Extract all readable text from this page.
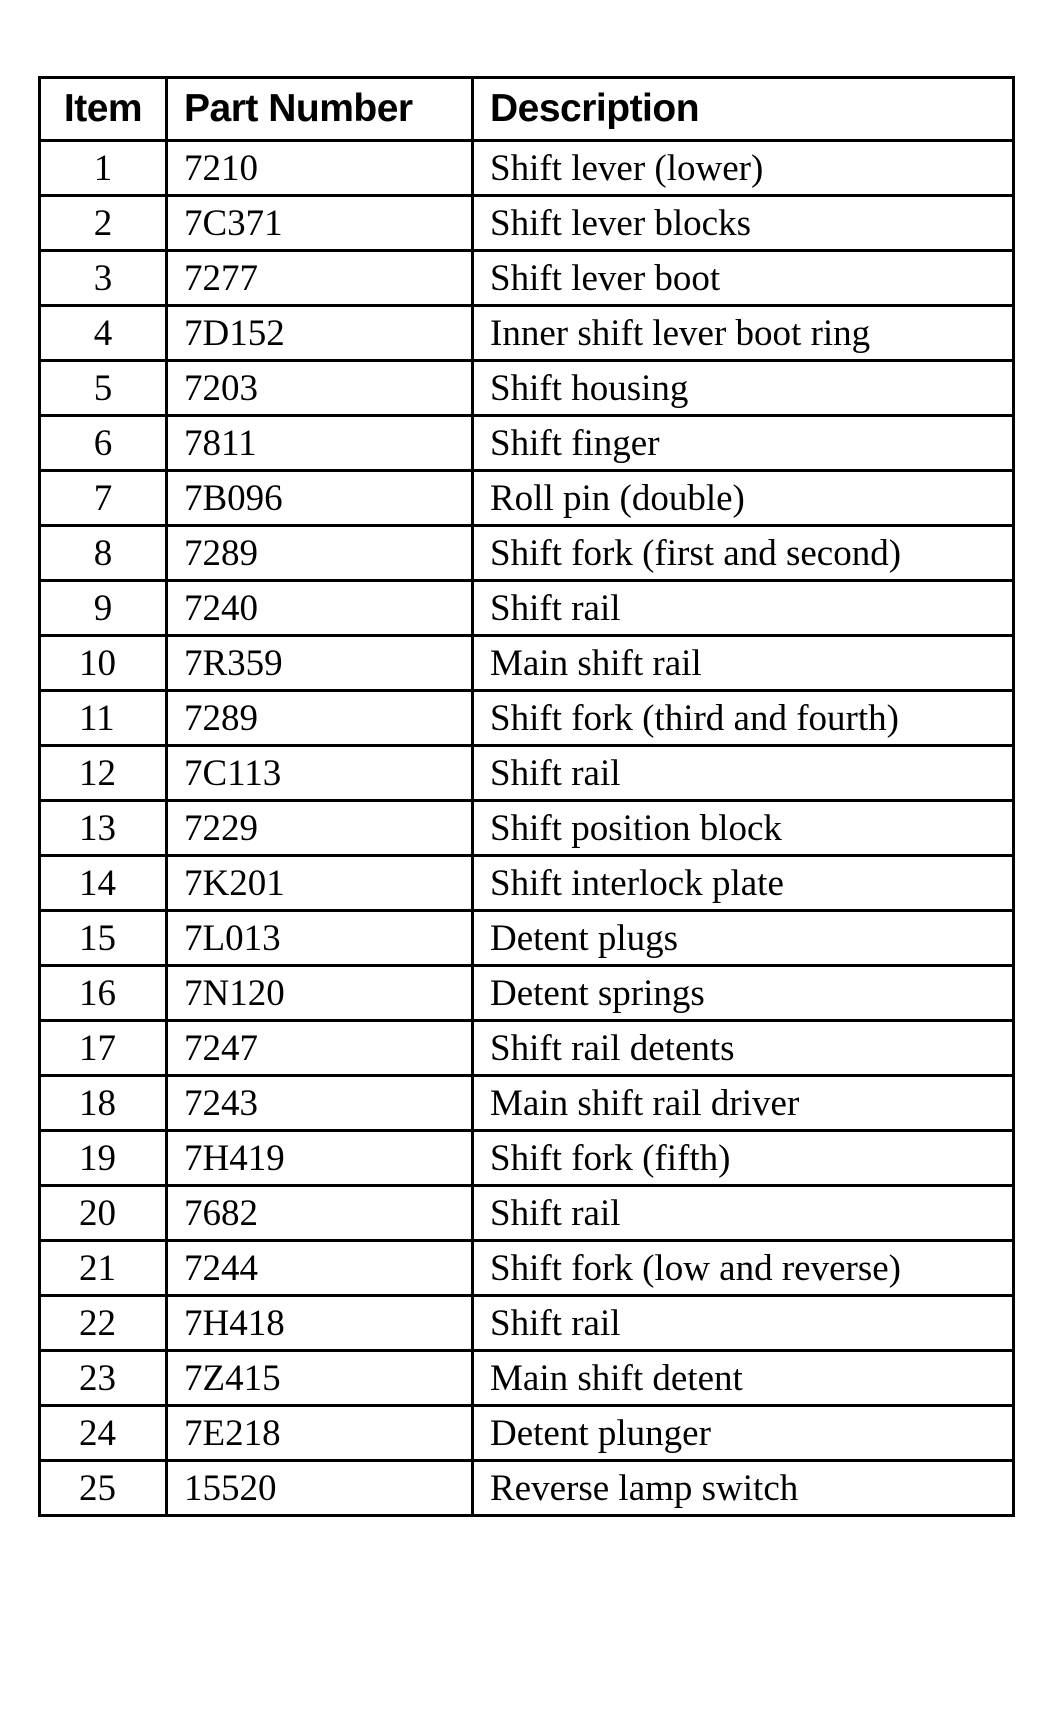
Item	Part Number	Description
1	7210	Shift lever (lower)
2	7C371	Shift lever blocks
3	7277	Shift lever boot
4	7D152	Inner shift lever boot ring
5	7203	Shift housing
6	7811	Shift finger
7	7B096	Roll pin (double)
8	7289	Shift fork (first and second)
9	7240	Shift rail
10	7R359	Main shift rail
11	7289	Shift fork (third and fourth)
12	7C113	Shift rail
13	7229	Shift position block
14	7K201	Shift interlock plate
15	7L013	Detent plugs
16	7N120	Detent springs
17	7247	Shift rail detents
18	7243	Main shift rail driver
19	7H419	Shift fork (fifth)
20	7682	Shift rail
21	7244	Shift fork (low and reverse)
22	7H418	Shift rail
23	7Z415	Main shift detent
24	7E218	Detent plunger
25	15520	Reverse lamp switch
